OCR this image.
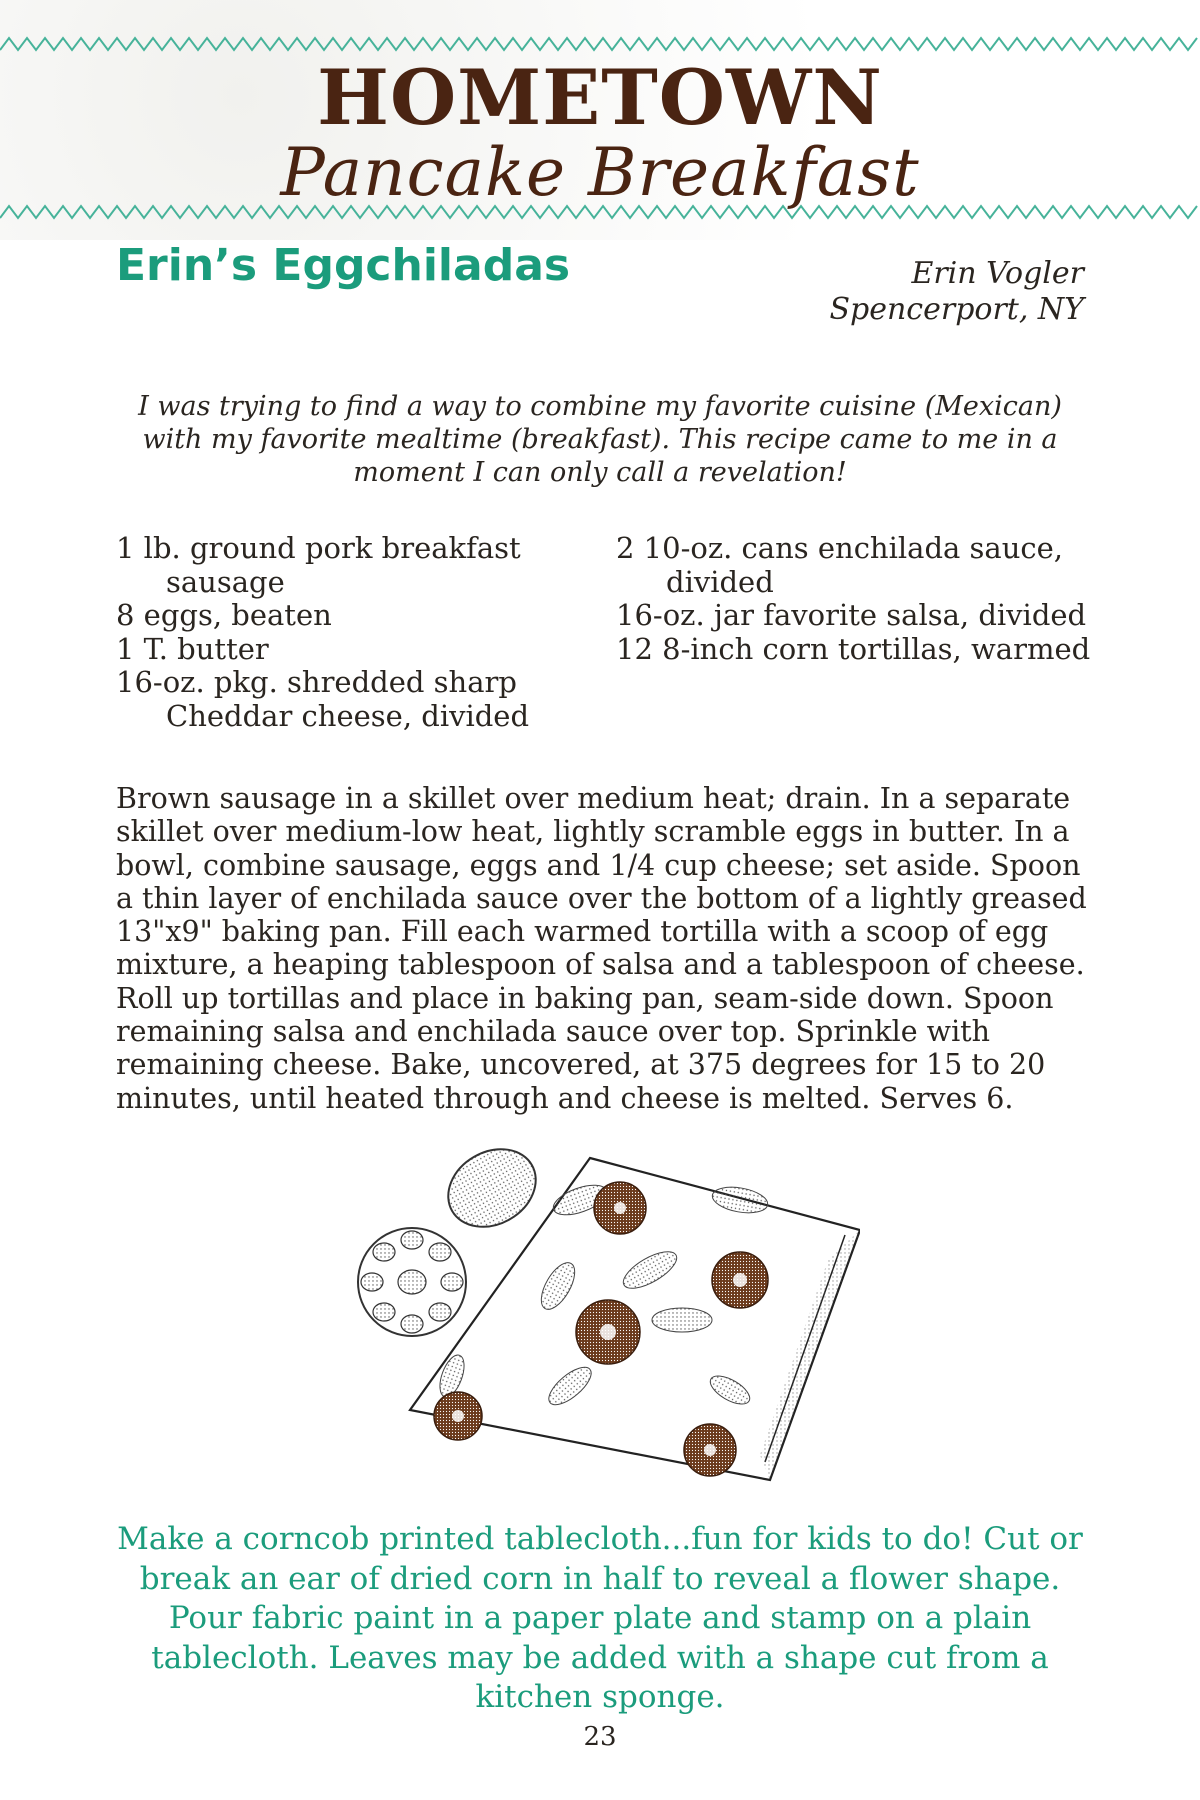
HOMETOWN
Pancake Breakfast
Erin’s Eggchiladas	Erin Vogler
Spencerport, NY
I was trying to find a way to combine my favorite cuisine (Mexican) with my favorite mealtime (breakfast). This recipe came to me in a moment I can only call a revelation!

1 lb. ground pork breakfast sausage

8 eggs, beaten

1 T. butter

16-oz. pkg. shredded sharp Cheddar cheese, divided

2 10-oz. cans enchilada sauce, divided

16-oz. jar favorite salsa, divided

12 8-inch corn tortillas, warmed

Brown sausage in a skillet over medium heat; drain. In a separate skillet over medium-low heat, lightly scramble eggs in butter. In a bowl, combine sausage, eggs and 1/4 cup cheese; set aside. Spoon a thin layer of enchilada sauce over the bottom of a lightly greased 13"x9" baking pan. Fill each warmed tortilla with a scoop of egg mixture, a heaping tablespoon of salsa and a tablespoon of cheese. Roll up tortillas and place in baking pan, seam-side down. Spoon remaining salsa and enchilada sauce over top. Sprinkle with remaining cheese. Bake, uncovered, at 375 degrees for 15 to 20 minutes, until heated through and cheese is melted. Serves 6.
Make a corncob printed tablecloth...fun for kids to do! Cut or break an ear of dried corn in half to reveal a flower shape. Pour fabric paint in a paper plate and stamp on a plain tablecloth. Leaves may be added with a shape cut from a kitchen sponge.
23
